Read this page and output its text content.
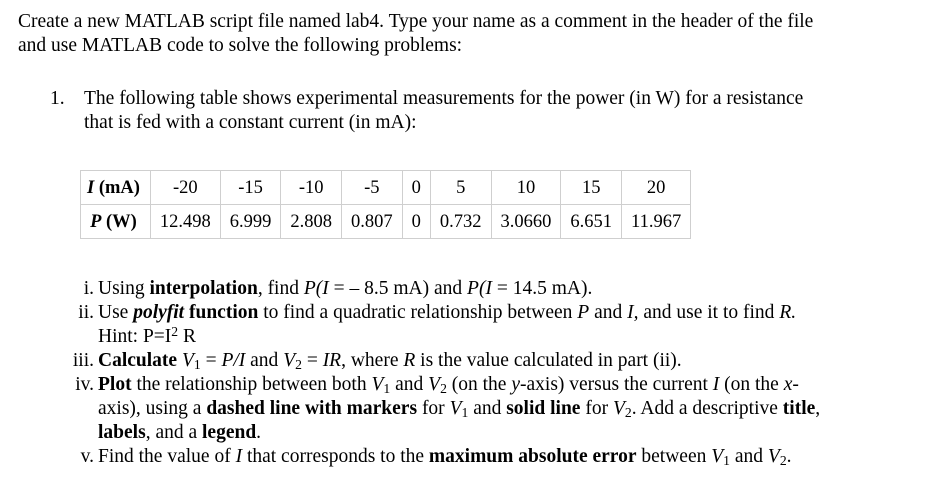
Create a new MATLAB script file named lab4. Type your name as a comment in the header of the file
and use MATLAB code to solve the following problems:
1. The following table shows experimental measurements for the power (in W) for a resistance
that is fed with a constant current (in mA):
I (mA)	-20	-15	-10	-5	0	5	10	15	20
P (W)	12.498	6.999	2.808	0.807	0	0.732	3.0660	6.651	11.967
i. Using interpolation, find P(I = – 8.5 mA) and P(I = 14.5 mA).
ii. Use polyfit function to find a quadratic relationship between P and I, and use it to find R.
Hint: $P=I^2$ R
iii. Calculate $V_1 = P/I$ and $V_2$ = IR, where R is the value calculated in part (ii).
iv. Plot the relationship between both $V_1$ and $V_2$ (on the y-axis) versus the current I (on the x-
axis), using a dashed line with markers for $V_1$ and solid line for $V_2$. Add a descriptive title,
labels, and a legend.
v. Find the value of I that corresponds to the maximum absolute error between $V_1$ and $V_2$.
